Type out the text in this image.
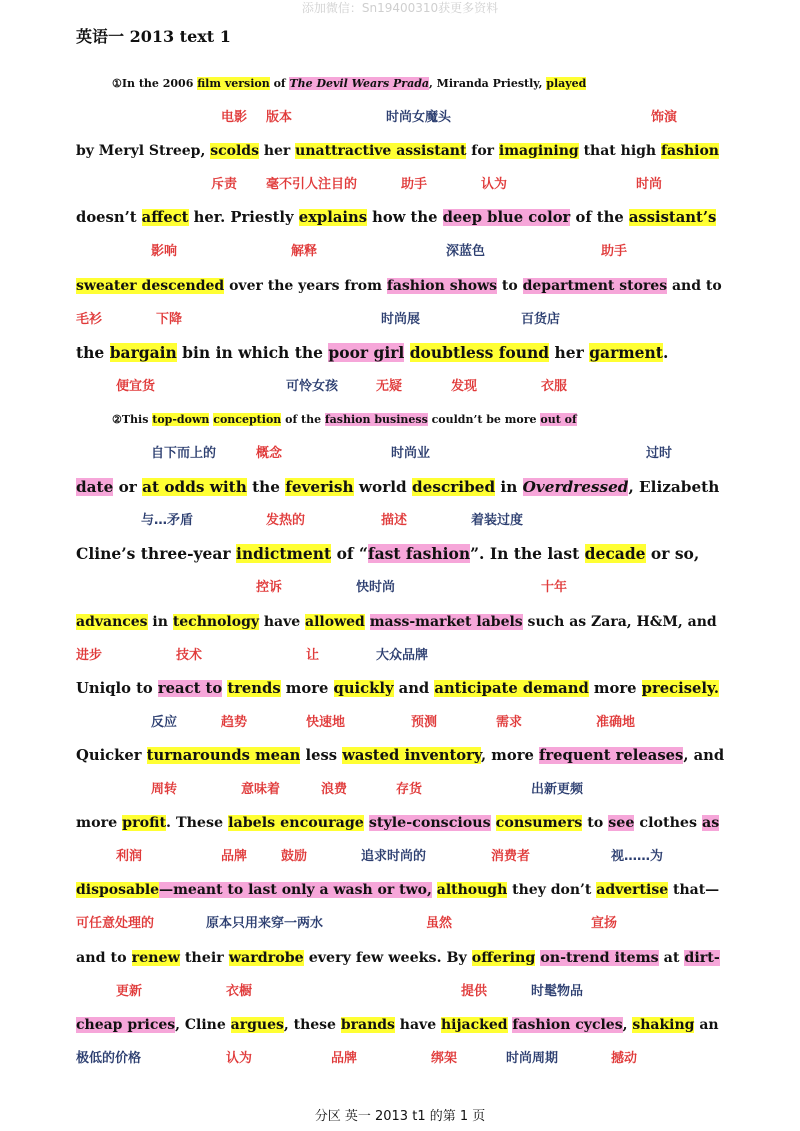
添加微信：Sn19400310获更多资料
英语一 2013 text 1
①In the 2006 film version of The Devil Wears Prada, Miranda Priestly, played
电影 版本	时尚女魔头	饰演
by Meryl Streep, scolds her unattractive assistant for imagining that high fashion
斥责 毫不引人注目的	助手	认为	时尚
doesn’t affect her. Priestly explains how the deep blue color of the assistant’s
影响	解释	深蓝色	助手
sweater descended over the years from fashion shows to department stores and to
毛衫	下降	时尚展	百货店
the bargain bin in which the poor girl doubtless found her garment.
便宜货	可怜女孩	无疑	发现	衣服
②This top-down conception of the fashion business couldn’t be more out of
自下而上的	概念	时尚业	过时
date or at odds with the feverish world described in Overdressed, Elizabeth
与…矛盾	发热的	描述	着装过度
Cline’s three-year indictment of “fast fashion”. In the last decade or so,
控诉	快时尚	十年
advances in technology have allowed mass-market labels such as Zara, H&M, and
进步	技术	让	大众品牌
Uniqlo to react to trends more quickly and anticipate demand more precisely.
反应	趋势	快速地	预测	需求	准确地
Quicker turnarounds mean less wasted inventory, more frequent releases, and
周转	意味着	浪费	存货	出新更频
more profit. These labels encourage style-conscious consumers to see clothes as
利润	品牌	鼓励	追求时尚的	消费者	视……为
disposable—meant to last only a wash or two, although they don’t advertise that—
可任意处理的	原本只用来穿一两水	虽然	宣扬
and to renew their wardrobe every few weeks. By offering on-trend items at dirt-
更新	衣橱	提供	时髦物品
cheap prices, Cline argues, these brands have hijacked fashion cycles, shaking an
极低的价格	认为	品牌	绑架	时尚周期	撼动
分区 英一 2013 t1 的第 1 页
